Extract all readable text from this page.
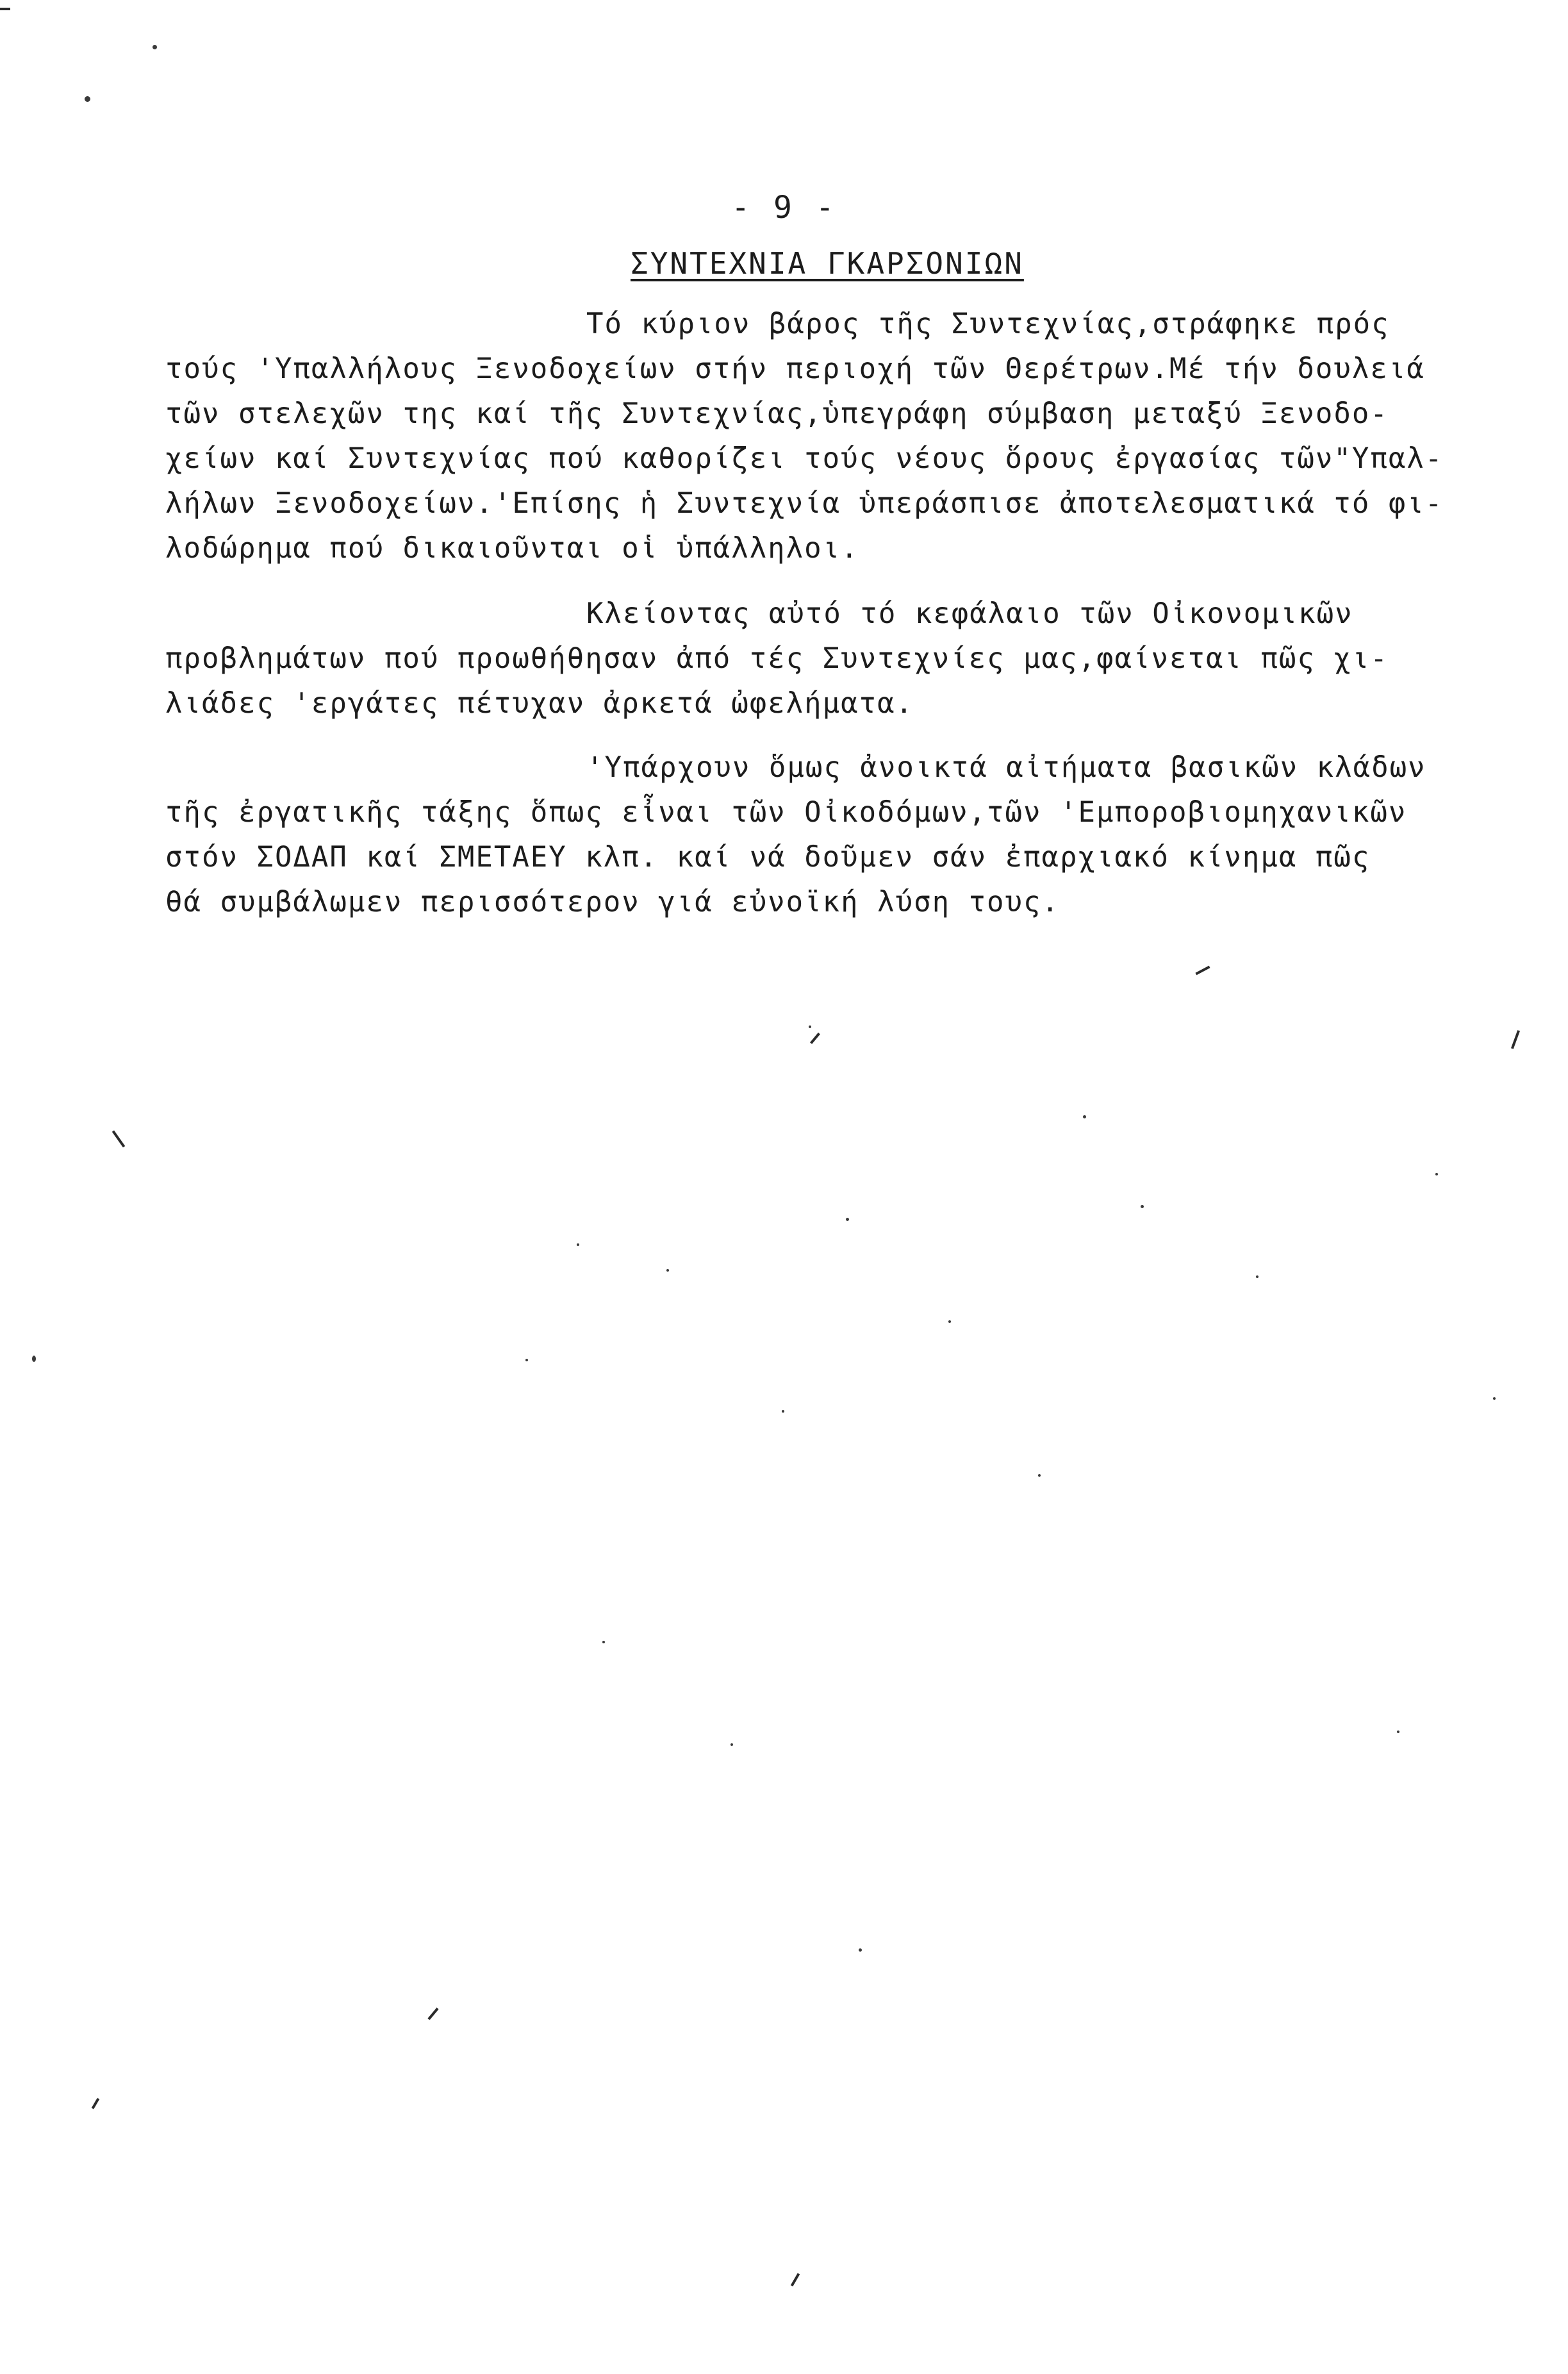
- 9 -
ΣΥΝΤΕΧΝΙΑ ΓΚΑΡΣΟΝΙΩΝ
Τό κύριον βάρος τῆς Συντεχνίας,στράφηκε πρός
τούς 'Υπαλλήλους Ξενοδοχείων στήν περιοχή τῶν Θερέτρων.Μέ τήν δουλειά
τῶν στελεχῶν της καί τῆς Συντεχνίας,ὑπεγράφη σύμβαση μεταξύ Ξενοδο-
χείων καί Συντεχνίας πού καθορίζει τούς νέους ὅρους ἐργασίας τῶν"Υπαλ-
λήλων Ξενοδοχείων.'Επίσης ἡ Συντεχνία ὑπεράσπισε ἀποτελεσματικά τό φι-
λοδώρημα πού δικαιοῦνται οἱ ὑπάλληλοι.
Κλείοντας αὐτό τό κεφάλαιο τῶν Οἰκονομικῶν
προβλημάτων πού προωθήθησαν ἀπό τές Συντεχνίες μας,φαίνεται πῶς χι-
λιάδες 'εργάτες πέτυχαν ἀρκετά ὠφελήματα.
'Υπάρχουν ὅμως ἀνοικτά αἰτήματα βασικῶν κλάδων
τῆς ἐργατικῆς τάξης ὅπως εἶναι τῶν Οἰκοδόμων,τῶν 'Εμποροβιομηχανικῶν
στόν ΣΟΔΑΠ καί ΣΜΕΤΑΕΥ κλπ. καί νά δοῦμεν σάν ἐπαρχιακό κίνημα πῶς
θά συμβάλωμεν περισσότερον γιά εὐνοϊκή λύση τους.
